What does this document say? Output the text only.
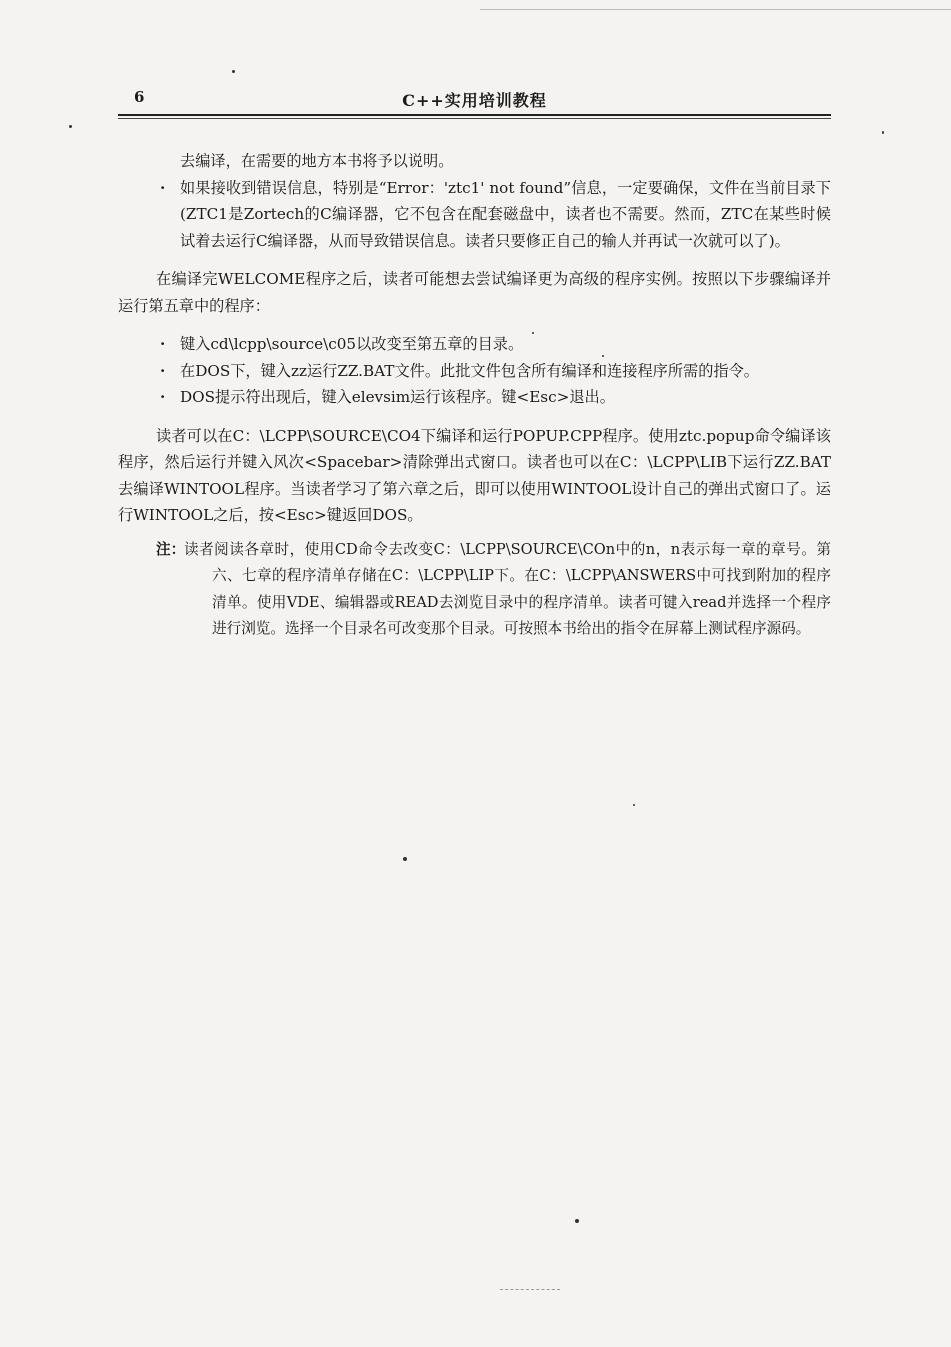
6	C++实用培训教程

去编译，在需要的地方本书将予以说明。

· 如果接收到错误信息，特别是“Error：'ztc1' not found”信息，一定要确保，文件在当前目录下(ZTC1是Zortech的C编译器，它不包含在配套磁盘中，读者也不需要。然而，ZTC在某些时候试着去运行C编译器，从而导致错误信息。读者只要修正自己的输人并再试一次就可以了)。

在编译完WELCOME程序之后，读者可能想去尝试编译更为高级的程序实例。按照以下步骤编译并运行第五章中的程序：

· 键入cd\lcpp\source\c05以改变至第五章的目录。
· 在DOS下，键入zz运行ZZ.BAT文件。此批文件包含所有编译和连接程序所需的指令。
· DOS提示符出现后，键入elevsim运行该程序。键<Esc>退出。

读者可以在C：\LCPP\SOURCE\CO4下编译和运行POPUP.CPP程序。使用ztc.popup命令编译该程序，然后运行并键入风次<Spacebar>清除弹出式窗口。读者也可以在C：\LCPP\LIB下运行ZZ.BAT去编译WINTOOL程序。当读者学习了第六章之后，即可以使用WINTOOL设计自己的弹出式窗口了。运行WINTOOL之后，按<Esc>键返回DOS。

注：
读者阅读各章时，使用CD命令去改变C：\LCPP\SOURCE\COn中的n，n表示每一章的章号。第六、七章的程序清单存储在C：\LCPP\LIP下。在C：\LCPP\ANSWERS中可找到附加的程序清单。使用VDE、编辑器或READ去浏览目录中的程序清单。读者可键入read并选择一个程序进行浏览。选择一个目录名可改变那个目录。可按照本书给出的指令在屏幕上测试程序源码。
